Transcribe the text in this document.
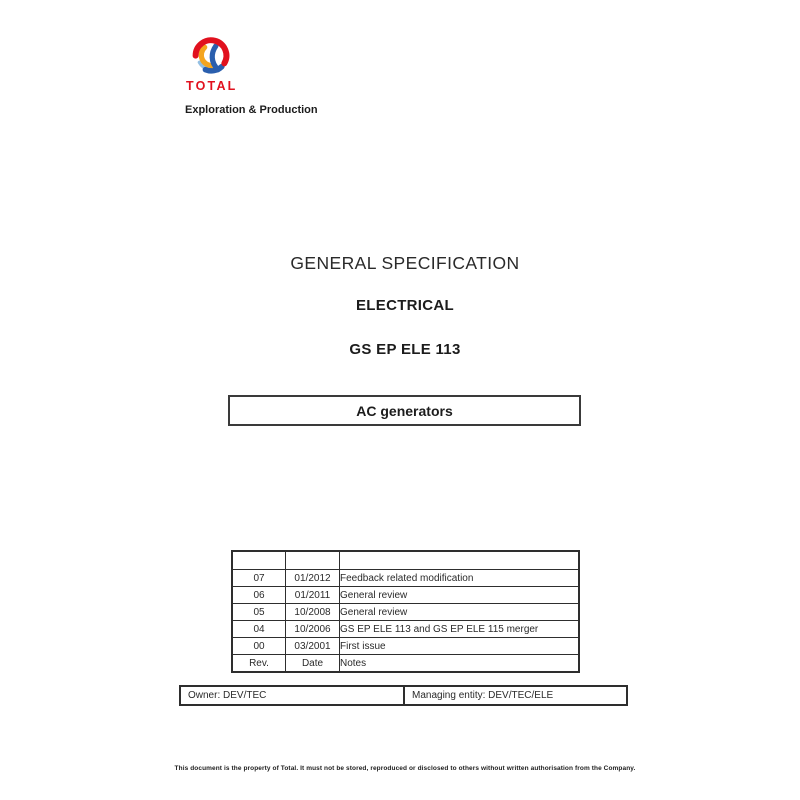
TOTAL
Exploration & Production
GENERAL SPECIFICATION
ELECTRICAL
GS EP ELE 113
AC generators

07	01/2012	Feedback related modification
06	01/2011	General review
05	10/2008	General review
04	10/2006	GS EP ELE 113 and GS EP ELE 115 merger
00	03/2001	First issue
Rev.	Date	Notes
Owner: DEV/TEC	Managing entity: DEV/TEC/ELE
This document is the property of Total. It must not be stored, reproduced or disclosed to others without written authorisation from the Company.
